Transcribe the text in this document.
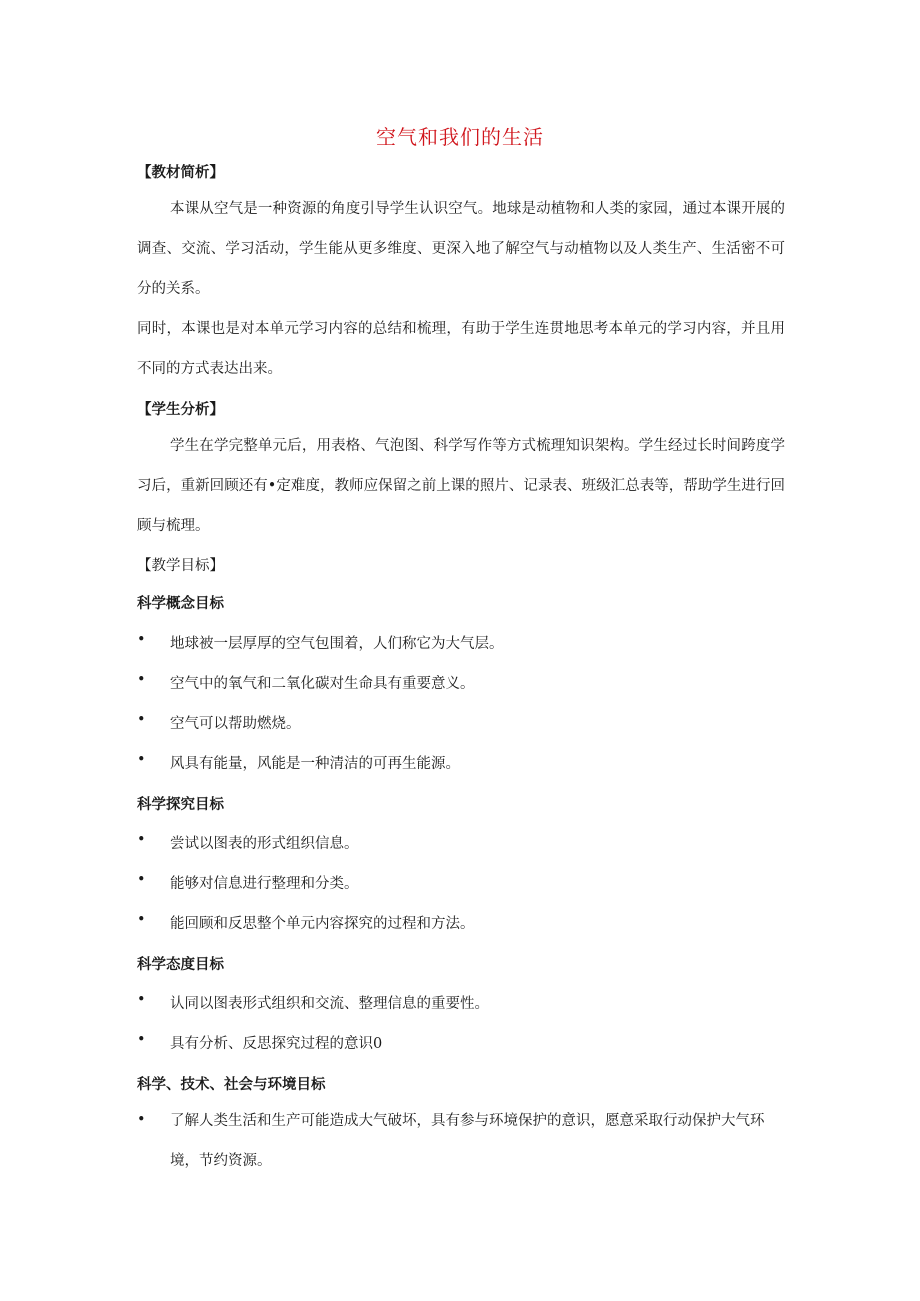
空气和我们的生活
【教材简析】

本课从空气是一种资源的角度引导学生认识空气。地球是动植物和人类的家园，通过本课开展的调查、交流、学习活动，学生能从更多维度、更深入地了解空气与动植物以及人类生产、生活密不可分的关系。

同时，本课也是对本单元学习内容的总结和梳理，有助于学生连贯地思考本单元的学习内容，并且用不同的方式表达出来。

【学生分析】

学生在学完整单元后，用表格、气泡图、科学写作等方式梳理知识架构。学生经过长时间跨度学习后，重新回顾还有•定难度，教师应保留之前上课的照片、记录表、班级汇总表等，帮助学生进行回顾与梳理。

【教学目标】
科学概念目标
• 地球被一层厚厚的空气包围着，人们称它为大气层。
• 空气中的氧气和二氧化碳对生命具有重要意义。
• 空气可以帮助燃烧。
• 风具有能量，风能是一种清洁的可再生能源。
科学探究目标
• 尝试以图表的形式组织信息。
• 能够对信息进行整理和分类。
• 能回顾和反思整个单元内容探究的过程和方法。
科学态度目标
• 认同以图表形式组织和交流、整理信息的重要性。
• 具有分析、反思探究过程的意识0
科学、技术、社会与环境目标
• 了解人类生活和生产可能造成大气破坏，具有参与环境保护的意识，愿意采取行动保护大气环境，节约资源。
